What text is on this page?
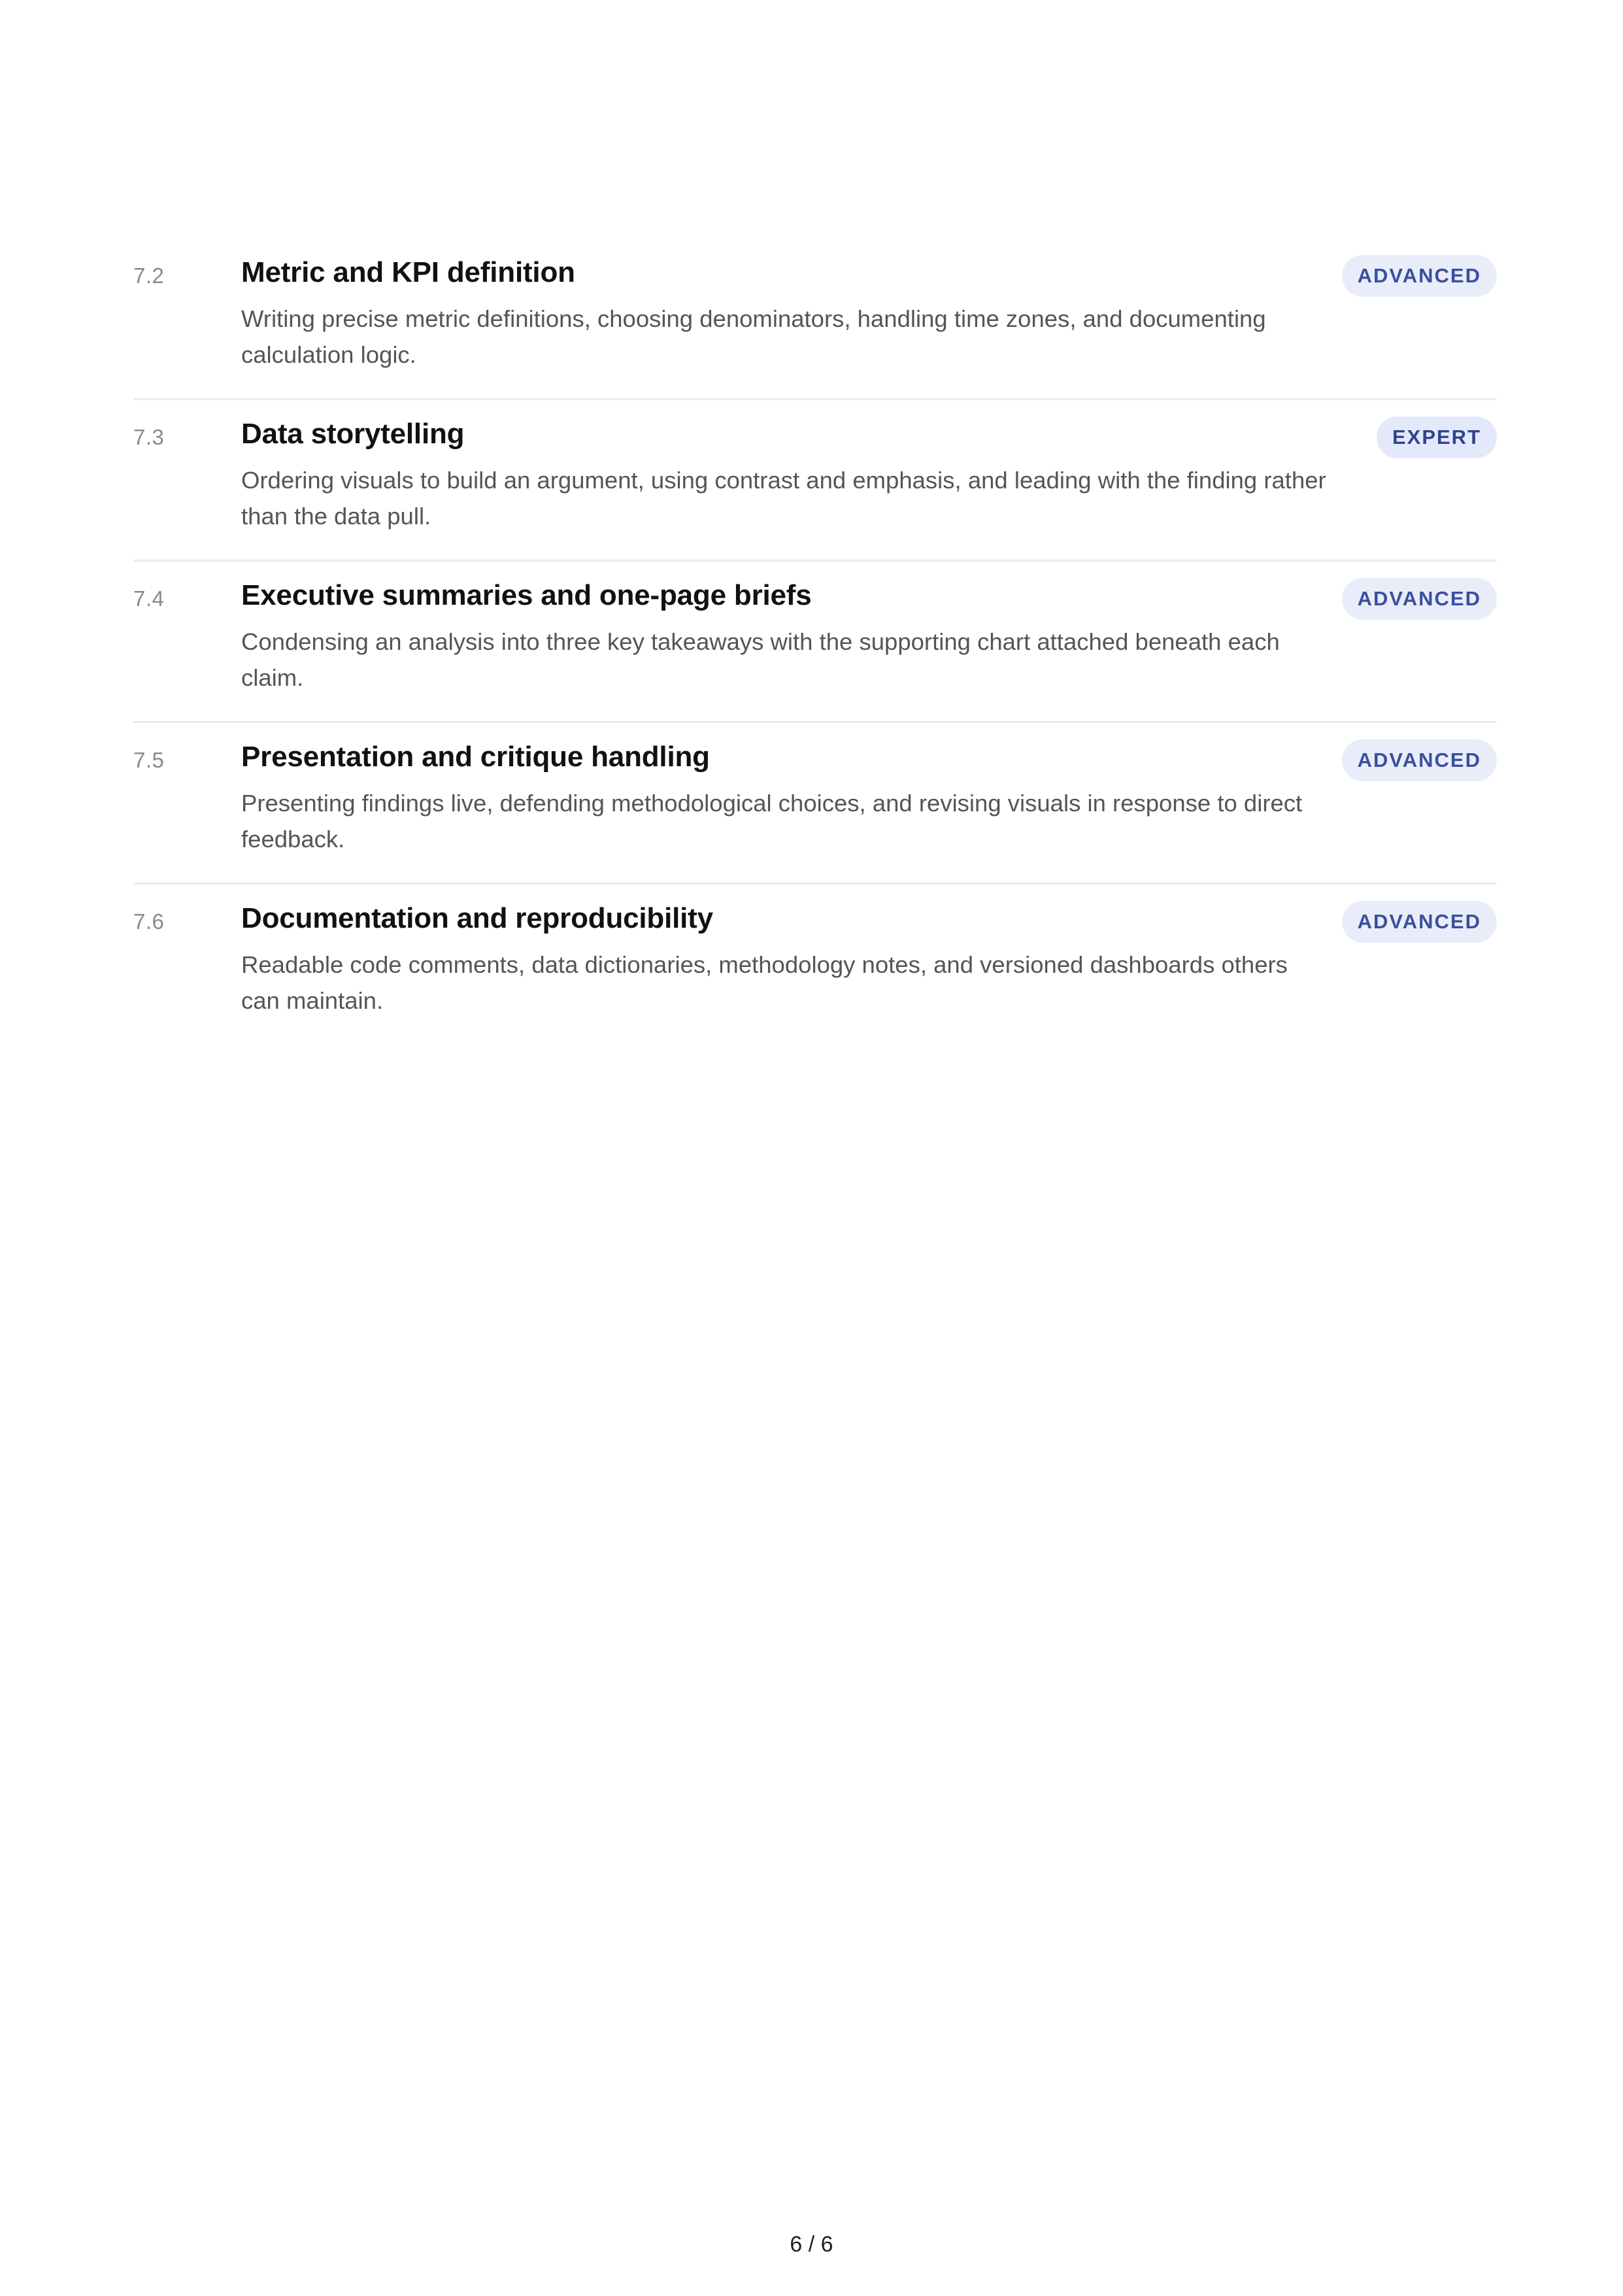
7.2	Metric and KPI definition
Writing precise metric definitions, choosing denominators, handling time zones, and documenting calculation logic.
ADVANCED
7.3	Data storytelling
Ordering visuals to build an argument, using contrast and emphasis, and leading with the finding rather than the data pull.
EXPERT
7.4	Executive summaries and one-page briefs
Condensing an analysis into three key takeaways with the supporting chart attached beneath each claim.
ADVANCED
7.5	Presentation and critique handling
Presenting findings live, defending methodological choices, and revising visuals in response to direct feedback.
ADVANCED
7.6	Documentation and reproducibility
Readable code comments, data dictionaries, methodology notes, and versioned dashboards others can maintain.
ADVANCED
6 / 6
